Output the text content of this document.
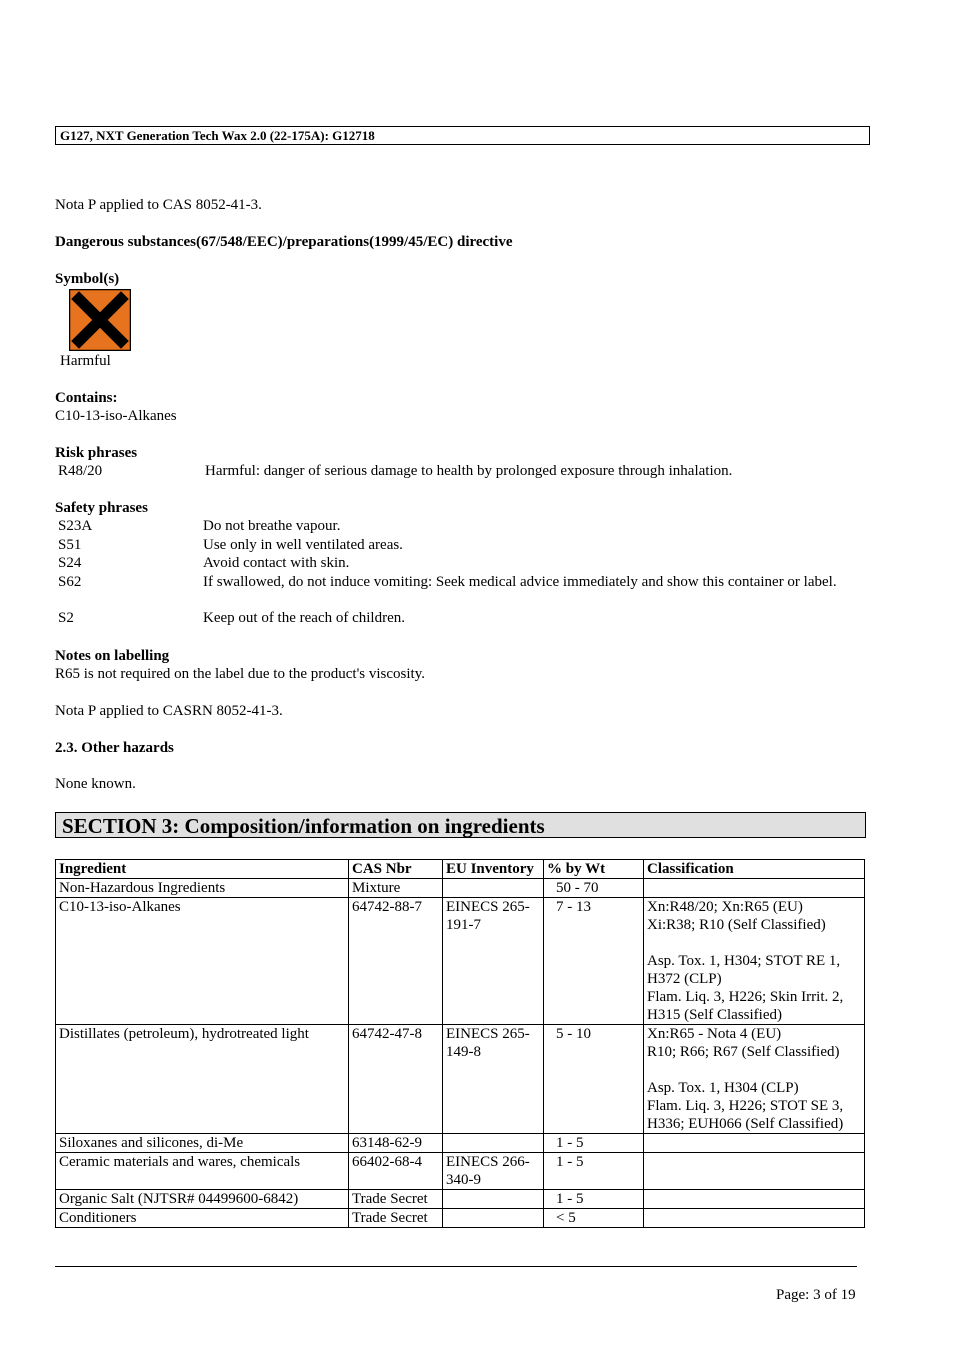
G127, NXT Generation Tech Wax 2.0 (22-175A): G12718
Nota P applied to CAS 8052-41-3.
Dangerous substances(67/548/EEC)/preparations(1999/45/EC) directive
Symbol(s)
Harmful
Contains:
C10-13-iso-Alkanes
Risk phrases
R48/20	Harmful: danger of serious damage to health by prolonged exposure through inhalation.
Safety phrases
S23A	Do not breathe vapour.
S51	Use only in well ventilated areas.
S24	Avoid contact with skin.
S62	If swallowed, do not induce vomiting: Seek medical advice immediately and show this container or label.
S2	Keep out of the reach of children.
Notes on labelling
R65 is not required on the label due to the product's viscosity.
Nota P applied to CASRN 8052-41-3.
2.3. Other hazards
None known.
SECTION 3: Composition/information on ingredients
Ingredient	CAS Nbr	EU Inventory	% by Wt	Classification
Non-Hazardous Ingredients	Mixture		50 - 70	
C10-13-iso-Alkanes	64742-88-7	EINECS 265-191-7	7 - 13	Xn:R48/20; Xn:R65 (EU)
Xi:R38; R10 (Self Classified)

Asp. Tox. 1, H304; STOT RE 1, H372 (CLP)
Flam. Liq. 3, H226; Skin Irrit. 2, H315 (Self Classified)
Distillates (petroleum), hydrotreated light	64742-47-8	EINECS 265-149-8	5 - 10	Xn:R65 - Nota 4 (EU)
R10; R66; R67 (Self Classified)

Asp. Tox. 1, H304 (CLP)
Flam. Liq. 3, H226; STOT SE 3, H336; EUH066 (Self Classified)
Siloxanes and silicones, di-Me	63148-62-9		1 - 5	
Ceramic materials and wares, chemicals	66402-68-4	EINECS 266-340-9	1 - 5	
Organic Salt (NJTSR# 04499600-6842)	Trade Secret		1 - 5	
Conditioners	Trade Secret		< 5	
Page: 3 of 19
